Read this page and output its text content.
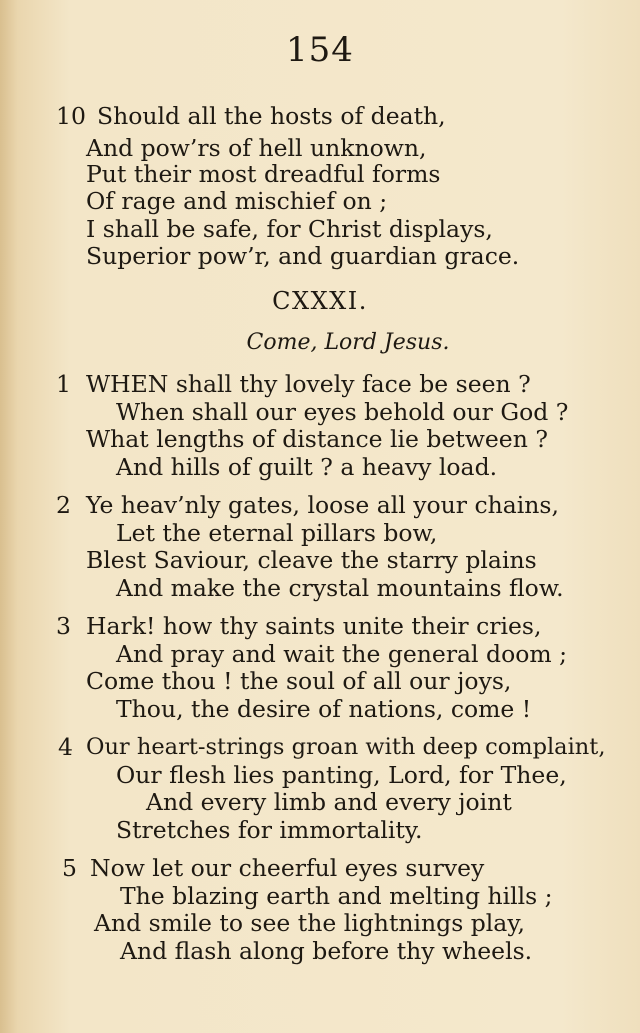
154
10 Should all the hosts of death,
And pow’rs of hell unknown,
Put their most dreadful forms
Of rage and mischief on ;
I shall be safe, for Christ displays,
Superior pow’r, and guardian grace.
CXXXI.
Come, Lord Jesus.
1 WHEN shall thy lovely face be seen ?
When shall our eyes behold our God ?
What lengths of distance lie between ?
And hills of guilt ? a heavy load.
2 Ye heav’nly gates, loose all your chains,
Let the eternal pillars bow,
Blest Saviour, cleave the starry plains
And make the crystal mountains flow.
3 Hark! how thy saints unite their cries,
And pray and wait the general doom ;
Come thou ! the soul of all our joys,
Thou, the desire of nations, come !
4 Our heart-strings groan with deep complaint,
Our flesh lies panting, Lord, for Thee,
And every limb and every joint
Stretches for immortality.
5 Now let our cheerful eyes survey
The blazing earth and melting hills ;
And smile to see the lightnings play,
And flash along before thy wheels.
